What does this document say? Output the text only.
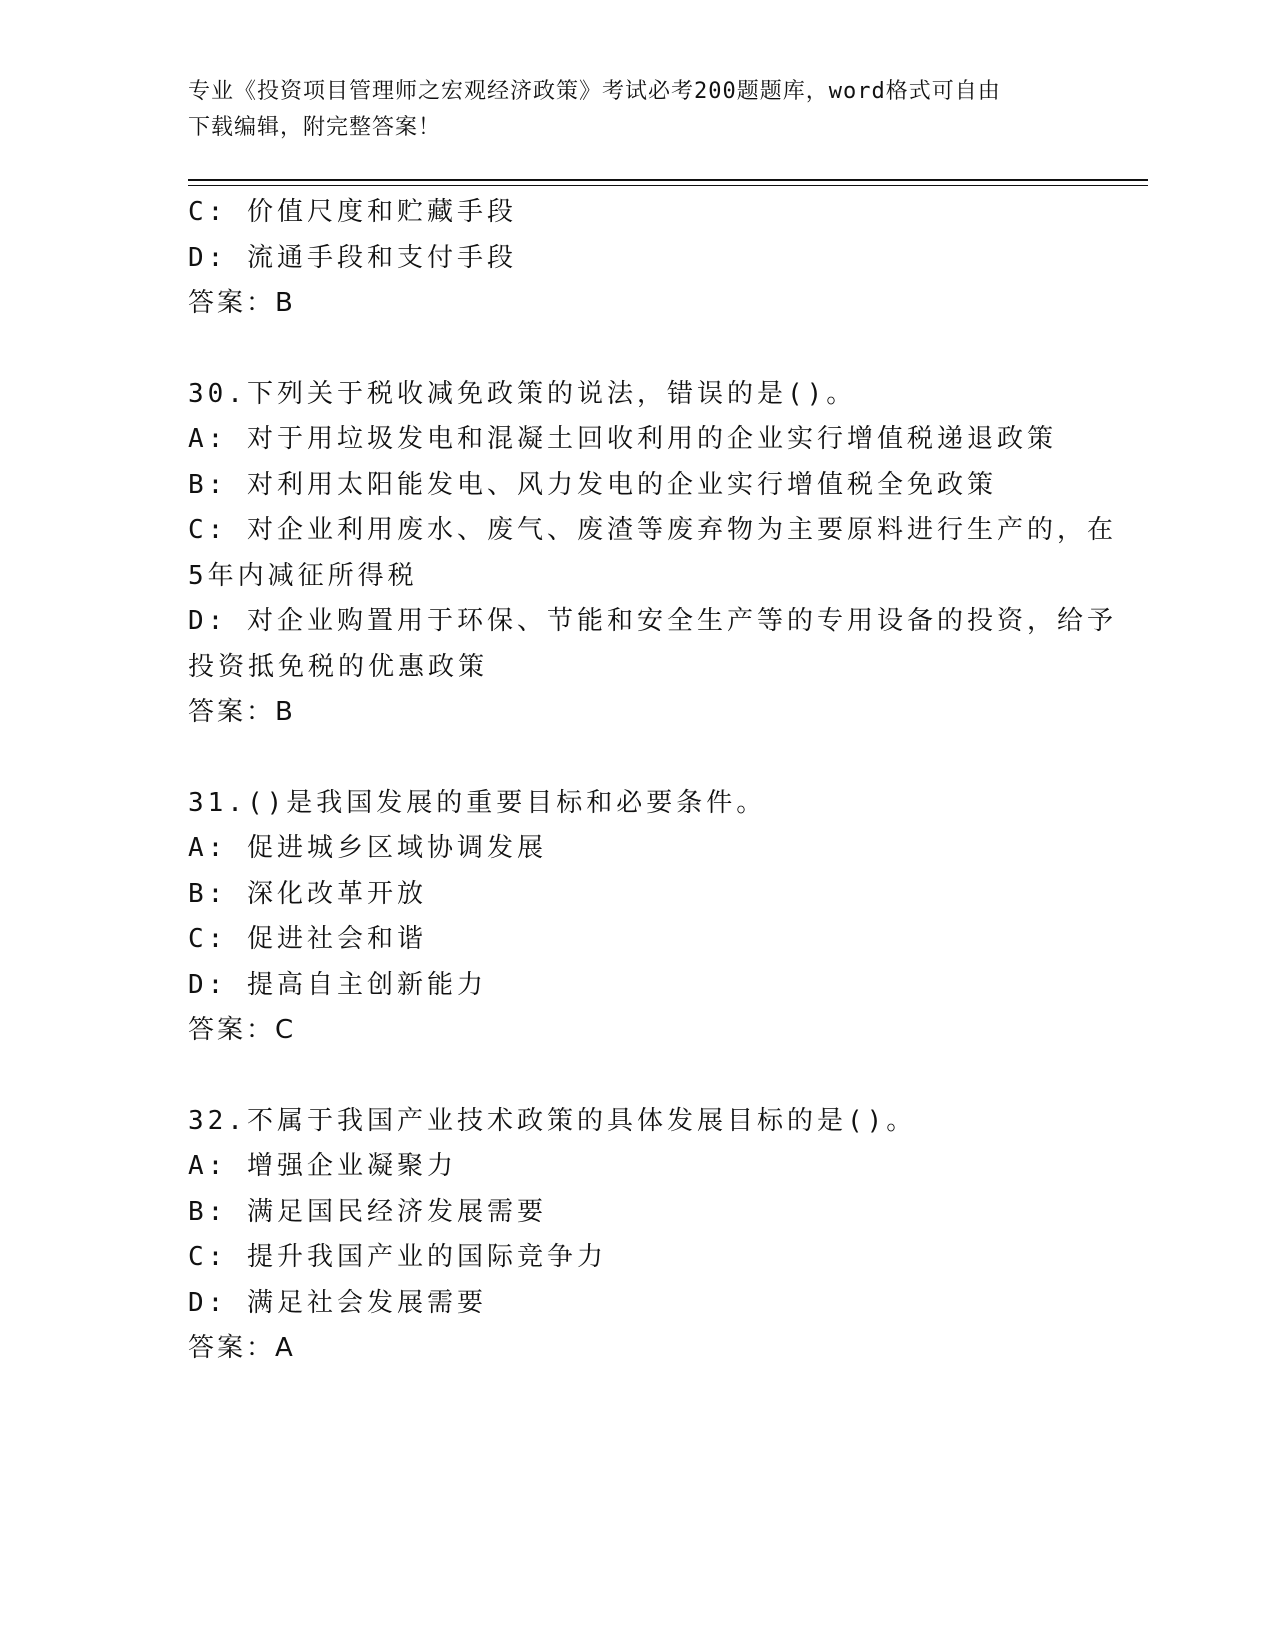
专业《投资项目管理师之宏观经济政策》考试必考200题题库，word格式可自由
下载编辑，附完整答案！
C: 价值尺度和贮藏手段
D: 流通手段和支付手段
答案：B
30.下列关于税收减免政策的说法，错误的是()。
A: 对于用垃圾发电和混凝土回收利用的企业实行增值税递退政策
B: 对利用太阳能发电、风力发电的企业实行增值税全免政策
C: 对企业利用废水、废气、废渣等废弃物为主要原料进行生产的，在
5年内减征所得税
D: 对企业购置用于环保、节能和安全生产等的专用设备的投资，给予
投资抵免税的优惠政策
答案：B
31.()是我国发展的重要目标和必要条件。
A: 促进城乡区域协调发展
B: 深化改革开放
C: 促进社会和谐
D: 提高自主创新能力
答案：C
32.不属于我国产业技术政策的具体发展目标的是()。
A: 增强企业凝聚力
B: 满足国民经济发展需要
C: 提升我国产业的国际竞争力
D: 满足社会发展需要
答案：A
